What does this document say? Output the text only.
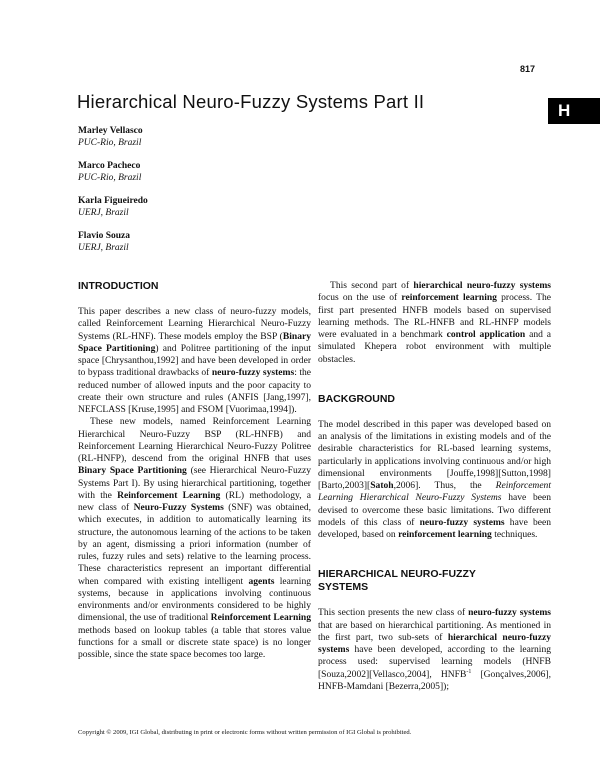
817
H
Hierarchical Neuro-Fuzzy Systems Part II
Marley Vellasco
PUC-Rio, Brazil
Marco Pacheco
PUC-Rio, Brazil
Karla Figueiredo
UERJ, Brazil
Flavio Souza
UERJ, Brazil
INTRODUCTION

This paper describes a new class of neuro-fuzzy models, called Reinforcement Learning Hierarchical Neuro-Fuzzy Systems (RL-HNF). These models employ the BSP (Binary Space Partitioning) and Politree partitioning of the input space [Chrysanthou,1992] and have been developed in order to bypass traditional drawbacks of neuro-fuzzy systems: the reduced number of allowed inputs and the poor capacity to create their own structure and rules (ANFIS [Jang,1997], NEFCLASS [Kruse,1995] and FSOM [Vuorimaa,1994]).

These new models, named Reinforcement Learning Hierarchical Neuro-Fuzzy BSP (RL-HNFB) and Reinforcement Learning Hierarchical Neuro-Fuzzy Politree (RL-HNFP), descend from the original HNFB that uses Binary Space Partitioning (see Hierarchical Neuro-Fuzzy Systems Part I). By using hierarchical partitioning, together with the Reinforcement Learning (RL) methodology, a new class of Neuro-Fuzzy Systems (SNF) was obtained, which executes, in addition to automatically learning its structure, the autonomous learning of the actions to be taken by an agent, dismissing a priori information (number of rules, fuzzy rules and sets) relative to the learning process. These characteristics represent an important differential when compared with existing intelligent agents learning systems, because in applications involving continuous environments and/or environments considered to be highly dimensional, the use of traditional Reinforcement Learning methods based on lookup tables (a table that stores value functions for a small or discrete state space) is no longer possible, since the state space becomes too large.

This second part of hierarchical neuro-fuzzy systems focus on the use of reinforcement learning process. The first part presented HNFB models based on supervised learning methods. The RL-HNFB and RL-HNFP models were evaluated in a benchmark control application and a simulated Khepera robot environment with multiple obstacles.

BACKGROUND

The model described in this paper was developed based on an analysis of the limitations in existing models and of the desirable characteristics for RL-based learning systems, particularly in applications involving continuous and/or high dimensional environments [Jouffe,1998][Sutton,1998][Barto,2003][Satoh,2006]. Thus, the Reinforcement Learning Hierarchical Neuro-Fuzzy Systems have been devised to overcome these basic limitations. Two different models of this class of neuro-fuzzy systems have been developed, based on reinforcement learning techniques.

HIERARCHICAL NEURO-FUZZY
SYSTEMS

This section presents the new class of neuro-fuzzy systems that are based on hierarchical partitioning. As mentioned in the first part, two sub-sets of hierarchical neuro-fuzzy systems have been developed, according to the learning process used: supervised learning models (HNFB [Souza,2002][Vellasco,2004], $HNFB^{-1}$ [Gonçalves,2006], HNFB-Mamdani [Bezerra,2005]);

Copyright © 2009, IGI Global, distributing in print or electronic forms without written permission of IGI Global is prohibited.
